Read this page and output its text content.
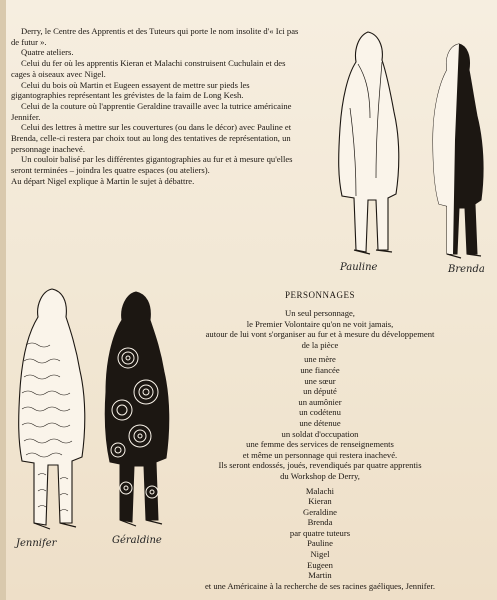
Derry, le Centre des Apprentis et des Tuteurs qui porte le nom insolite d'« Ici pas de futur ».

Quatre ateliers.

Celui du fer où les apprentis Kieran et Malachi construisent Cuchulain et des cages à oiseaux avec Nigel.

Celui du bois où Martin et Eugeen essayent de mettre sur pieds les gigantographies représentant les grévistes de la faim de Long Kesh.

Celui de la couture où l'apprentie Geraldine travaille avec la tutrice américaine Jennifer.

Celui des lettres à mettre sur les couvertures (ou dans le décor) avec Pauline et Brenda, celle-ci restera par choix tout au long des tentatives de représentation, un personnage inachevé.

Un couloir balisé par les différentes gigantographies au fur et à mesure qu'elles seront terminées – joindra les quatre espaces (ou ateliers).

Au départ Nigel explique à Martin le sujet à débattre.

Pauline	Brenda
Jennifer	Géraldine
PERSONNAGES
Un seul personnage,
le Premier Volontaire qu'on ne voit jamais,
autour de lui vont s'organiser au fur et à mesure du développement
de la pièce
une mère
une fiancée
une sœur
un député
un aumônier
un codétenu
une détenue
un soldat d'occupation
une femme des services de renseignements
et même un personnage qui restera inachevé.
Ils seront endossés, joués, revendiqués par quatre apprentis
du Workshop de Derry,
Malachi
Kieran
Geraldine
Brenda
par quatre tuteurs
Pauline
Nigel
Eugeen
Martin
et une Américaine à la recherche de ses racines gaéliques, Jennifer.
